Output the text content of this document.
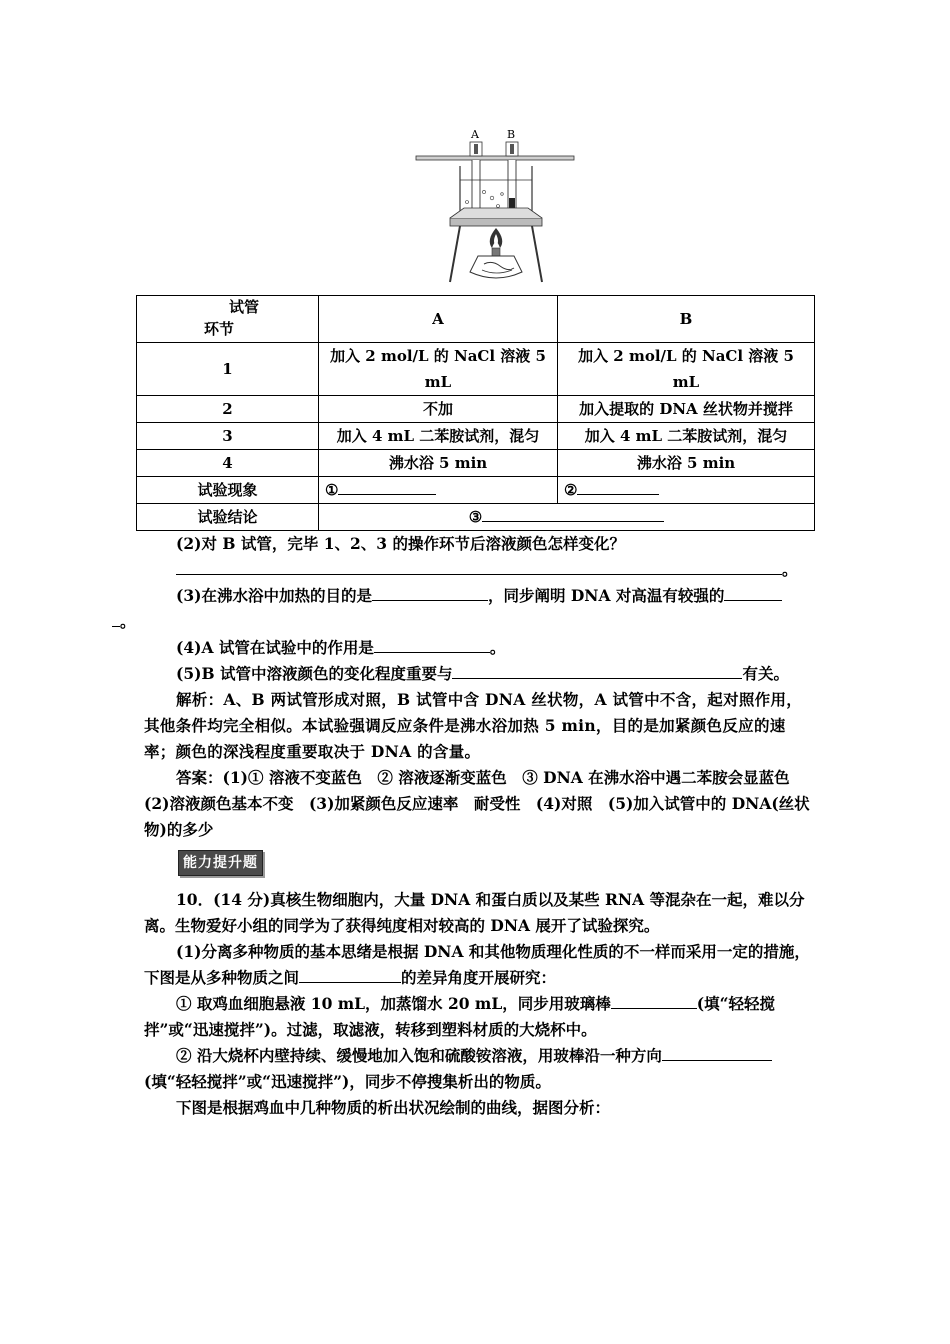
A	B
试管
环节	A	B
1	加入 2 mol/L 的 NaCl 溶液 5 mL	加入 2 mol/L 的 NaCl 溶液 5 mL
2	不加	加入提取的 DNA 丝状物并搅拌
3	加入 4 mL 二苯胺试剂，混匀	加入 4 mL 二苯胺试剂，混匀
4	沸水浴 5 min	沸水浴 5 min
试验现象	①	②
试验结论	③	

(2)对 B 试管，完毕 1、2、3 的操作环节后溶液颜色怎样变化？

。

(3)在沸水浴中加热的目的是	，同步阐明 DNA 对高温有较强的
。

(4)A 试管在试验中的作用是	。

(5)B 试管中溶液颜色的变化程度重要与	有关。

解析：A、B 两试管形成对照，B 试管中含 DNA 丝状物，A 试管中不含，起对照作用，其他条件均完全相似。本试验强调反应条件是沸水浴加热 5 min，目的是加紧颜色反应的速率；颜色的深浅程度重要取决于 DNA 的含量。

答案：(1)① 溶液不变蓝色　② 溶液逐渐变蓝色　③ DNA 在沸水浴中遇二苯胺会显蓝色　(2)溶液颜色基本不变　(3)加紧颜色反应速率　耐受性　(4)对照　(5)加入试管中的 DNA(丝状物)的多少

能力提升题

10．(14 分)真核生物细胞内，大量 DNA 和蛋白质以及某些 RNA 等混杂在一起，难以分离。生物爱好小组的同学为了获得纯度相对较高的 DNA 展开了试验探究。

(1)分离多种物质的基本思绪是根据 DNA 和其他物质理化性质的不一样而采用一定的措施，下图是从多种物质之间	的差异角度开展研究：

① 取鸡血细胞悬液 10 mL，加蒸馏水 20 mL，同步用玻璃棒	(填“轻轻搅拌”或“迅速搅拌”)。过滤，取滤液，转移到塑料材质的大烧杯中。

② 沿大烧杯内壁持续、缓慢地加入饱和硫酸铵溶液，用玻棒沿一种方向(填“轻轻搅拌”或“迅速搅拌”)，同步不停搜集析出的物质。

下图是根据鸡血中几种物质的析出状况绘制的曲线，据图分析：
